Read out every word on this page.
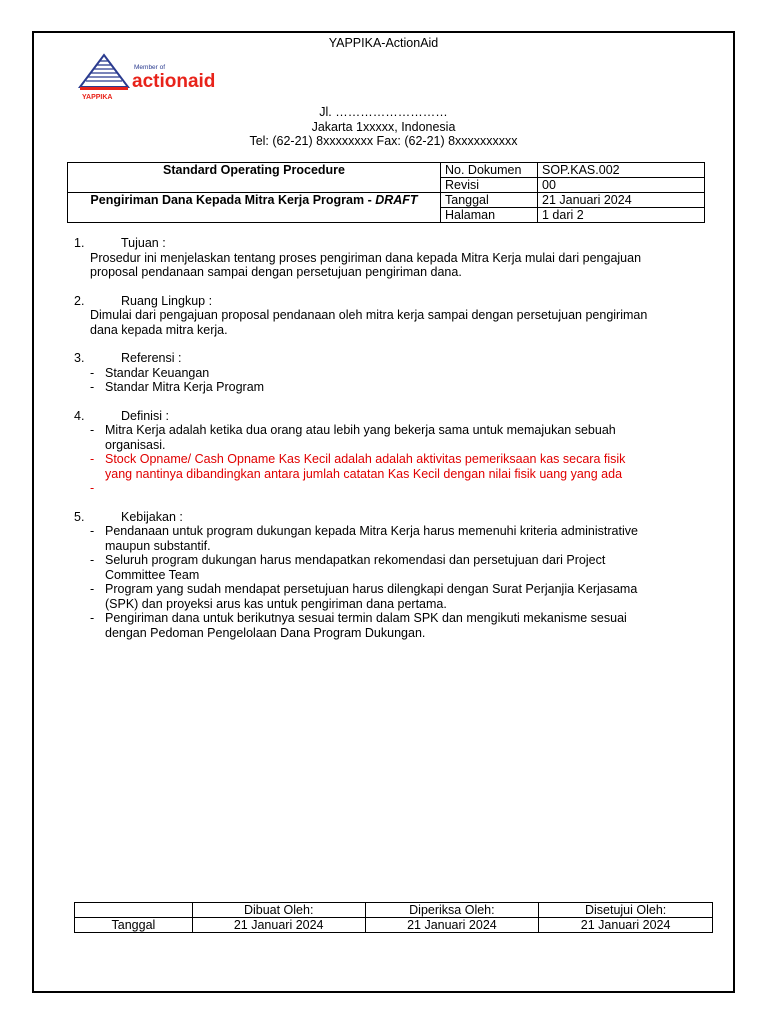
YAPPIKA-ActionAid
YAPPIKA
Member of
actionaid
Jl. ………………………
Jakarta 1xxxxx, Indonesia
Tel: (62-21) 8xxxxxxxx Fax: (62-21) 8xxxxxxxxxx
Standard Operating Procedure	No. Dokumen	SOP.KAS.002
	Revisi	00
Pengiriman Dana Kepada Mitra Kerja Program - DRAFT	Tanggal	21 Januari 2024
	Halaman	1 dari 2
1.	Tujuan :
Prosedur ini menjelaskan tentang proses pengiriman dana kepada Mitra Kerja mulai dari pengajuan
proposal pendanaan sampai dengan persetujuan pengiriman dana.
2.	Ruang Lingkup :
Dimulai dari pengajuan proposal pendanaan oleh mitra kerja sampai dengan persetujuan pengiriman
dana kepada mitra kerja.
3.	Referensi :
- Standar Keuangan
- Standar Mitra Kerja Program
4.	Definisi :
- Mitra Kerja adalah ketika dua orang atau lebih yang bekerja sama untuk memajukan sebuah
organisasi.
- Stock Opname/ Cash Opname Kas Kecil adalah adalah aktivitas pemeriksaan kas secara fisik
yang nantinya dibandingkan antara jumlah catatan Kas Kecil dengan nilai fisik uang yang ada
-
5.	Kebijakan :
- Pendanaan untuk program dukungan kepada Mitra Kerja harus memenuhi kriteria administrative
maupun substantif.
- Seluruh program dukungan harus mendapatkan rekomendasi dan persetujuan dari Project
Committee Team
- Program yang sudah mendapat persetujuan harus dilengkapi dengan Surat Perjanjia Kerjasama
(SPK) dan proyeksi arus kas untuk pengiriman dana pertama.
- Pengiriman dana untuk berikutnya sesuai termin dalam SPK dan mengikuti mekanisme sesuai
dengan Pedoman Pengelolaan Dana Program Dukungan.
	Dibuat Oleh:	Diperiksa Oleh:	Disetujui Oleh:
Tanggal	21 Januari 2024	21 Januari 2024	21 Januari 2024
